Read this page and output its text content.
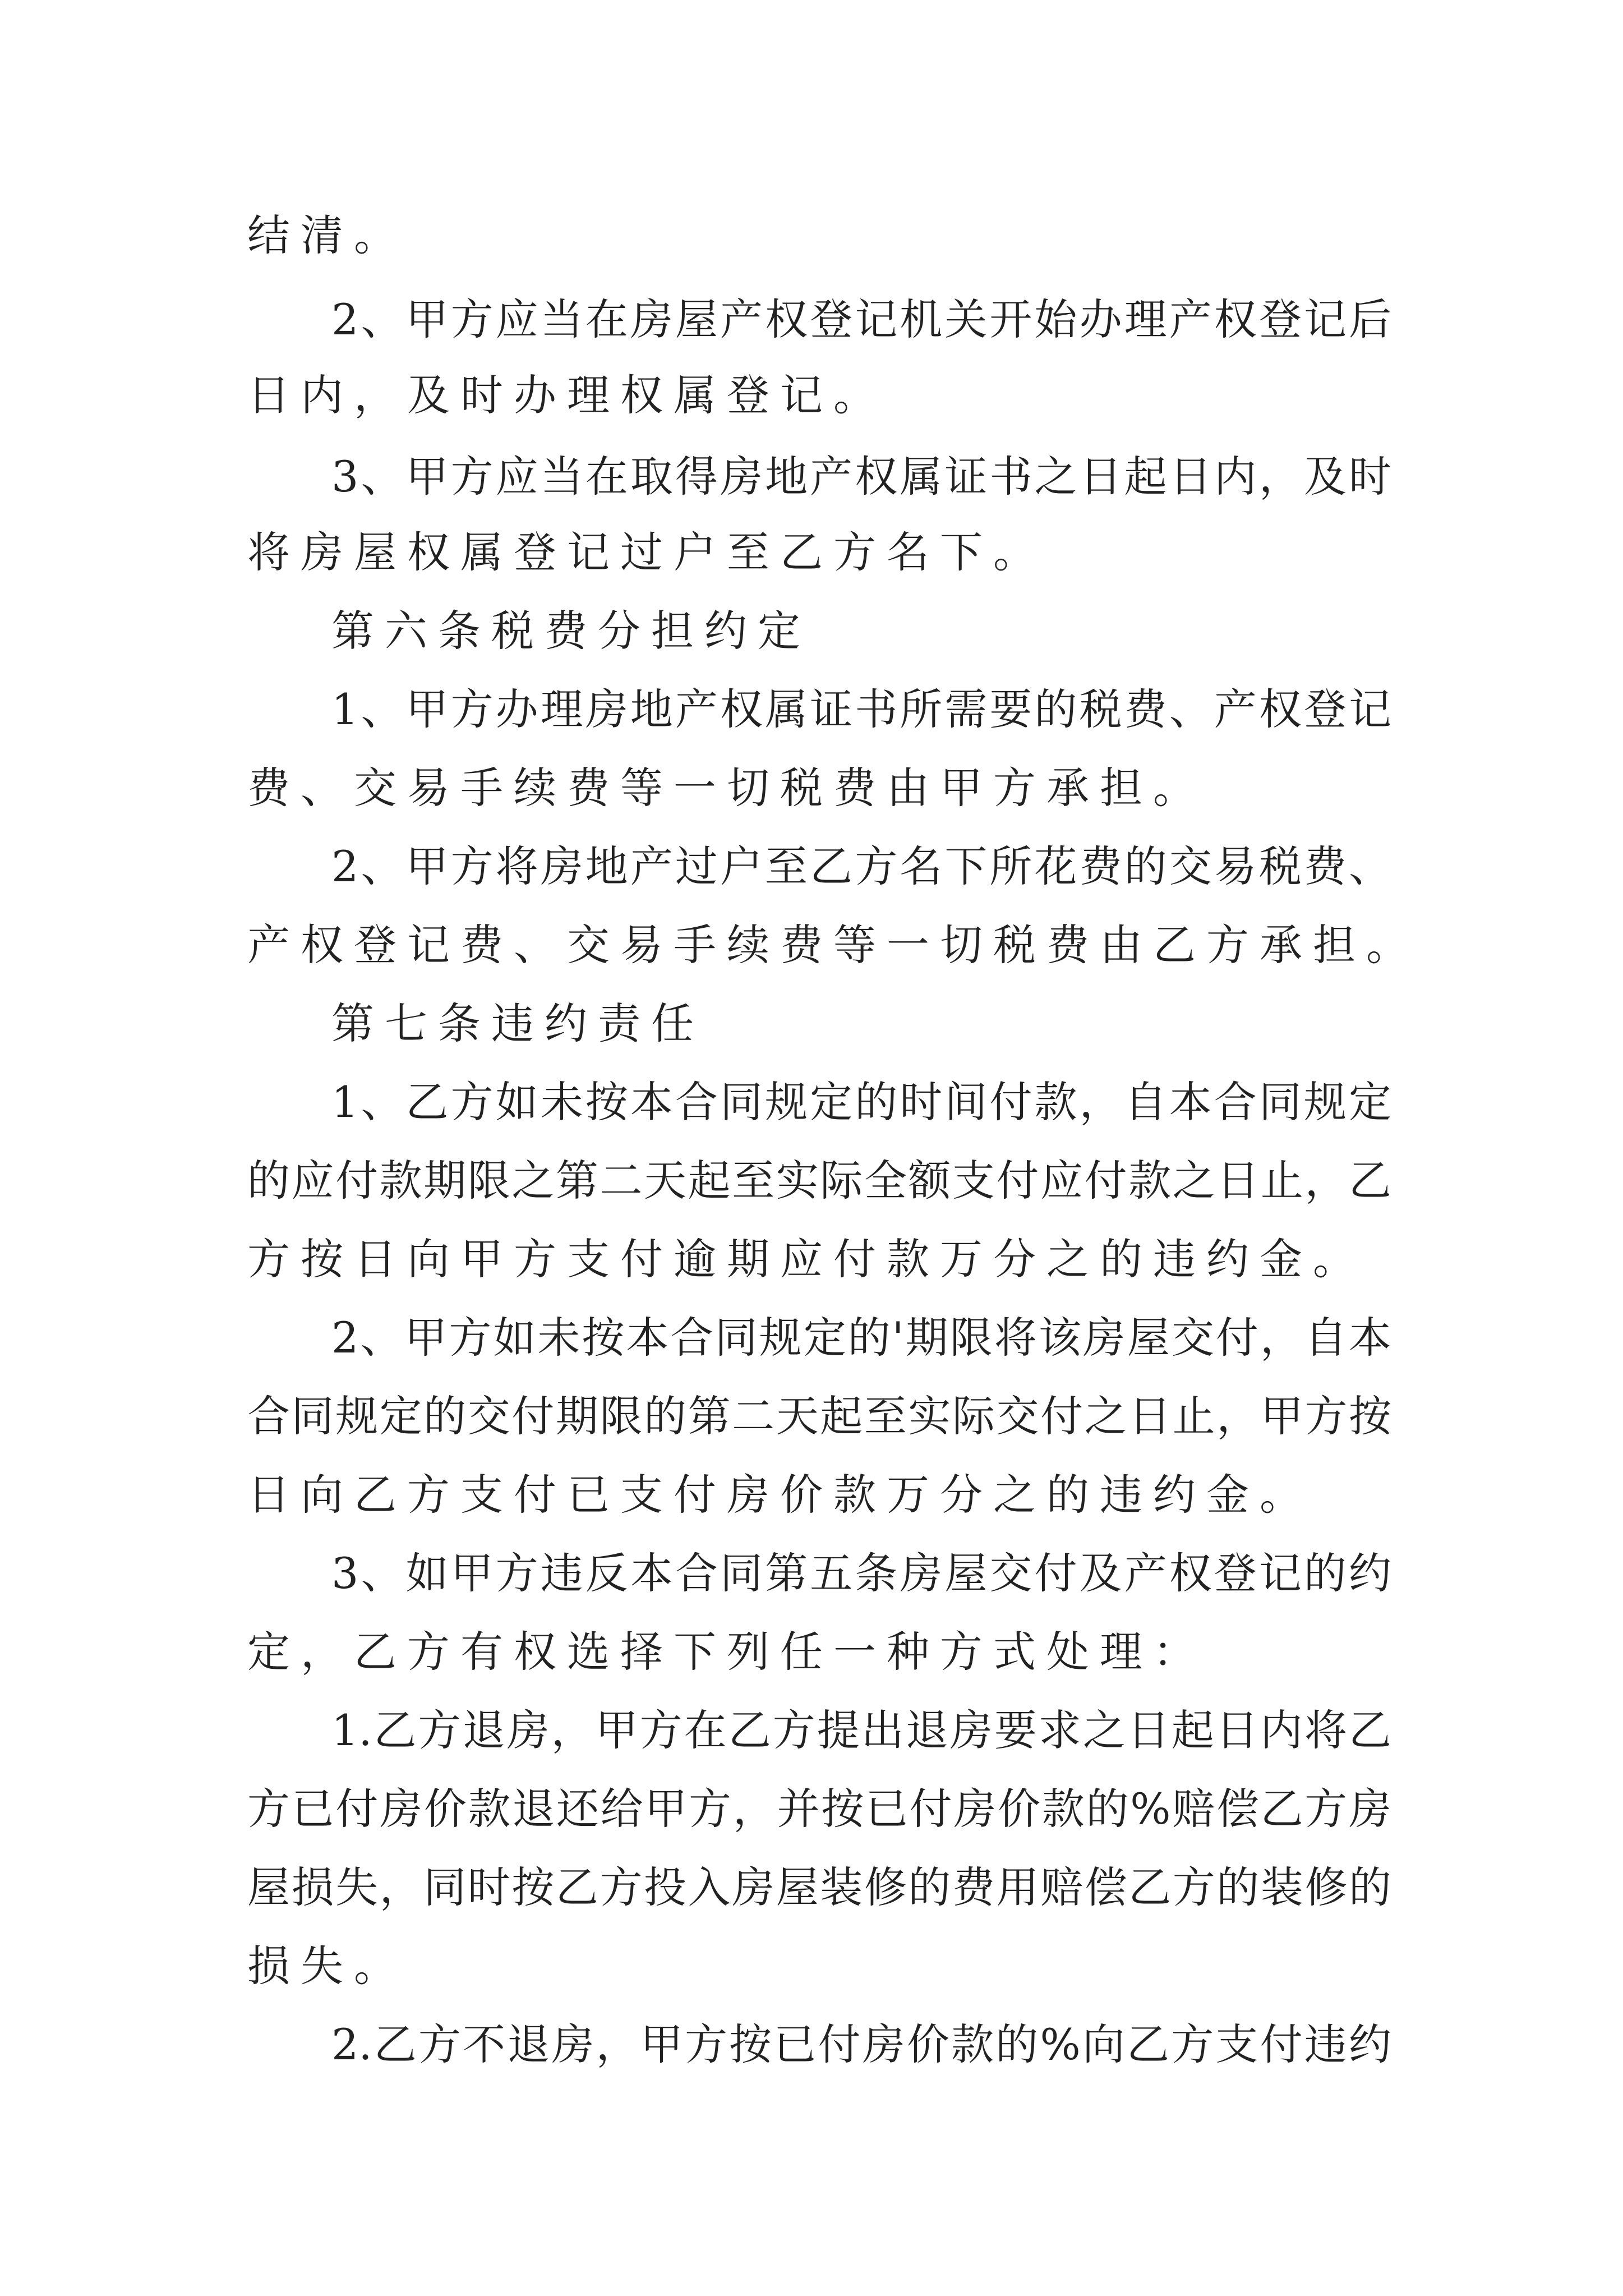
结清。
2、甲方应当在房屋产权登记机关开始办理产权登记后
日内，及时办理权属登记。
3、甲方应当在取得房地产权属证书之日起日内，及时
将房屋权属登记过户至乙方名下。
第六条税费分担约定
1、甲方办理房地产权属证书所需要的税费、产权登记
费、交易手续费等一切税费由甲方承担。
2、甲方将房地产过户至乙方名下所花费的交易税费、
产权登记费、交易手续费等一切税费由乙方承担。
第七条违约责任
1、乙方如未按本合同规定的时间付款，自本合同规定
的应付款期限之第二天起至实际全额支付应付款之日止，乙
方按日向甲方支付逾期应付款万分之的违约金。
2、甲方如未按本合同规定的'期限将该房屋交付，自本
合同规定的交付期限的第二天起至实际交付之日止，甲方按
日向乙方支付已支付房价款万分之的违约金。
3、如甲方违反本合同第五条房屋交付及产权登记的约
定，乙方有权选择下列任一种方式处理：
1.乙方退房，甲方在乙方提出退房要求之日起日内将乙
方已付房价款退还给甲方，并按已付房价款的%赔偿乙方房
屋损失，同时按乙方投入房屋装修的费用赔偿乙方的装修的
损失。
2.乙方不退房，甲方按已付房价款的%向乙方支付违约
